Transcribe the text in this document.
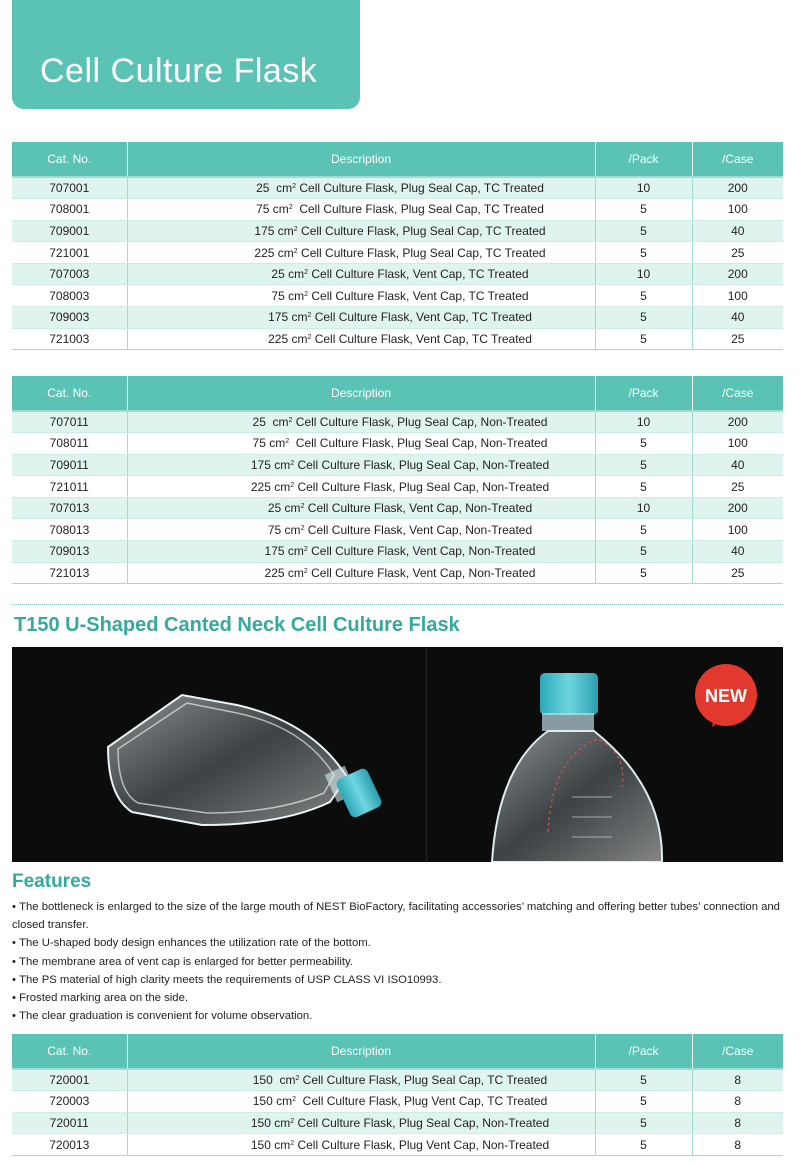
Cell Culture Flask
Cat. No.	Description	/Pack	/Case
707001	25  $cm^2$ Cell Culture Flask, Plug Seal Cap, TC Treated	10	200
708001	75 $cm^2$  Cell Culture Flask, Plug Seal Cap, TC Treated	5	100
709001	175 $cm^2$ Cell Culture Flask, Plug Seal Cap, TC Treated	5	40
721001	225 $cm^2$ Cell Culture Flask, Plug Seal Cap, TC Treated	5	25
707003	25 $cm^2$ Cell Culture Flask, Vent Cap, TC Treated	10	200
708003	75 $cm^2$ Cell Culture Flask, Vent Cap, TC Treated	5	100
709003	175 $cm^2$ Cell Culture Flask, Vent Cap, TC Treated	5	40
721003	225 $cm^2$ Cell Culture Flask, Vent Cap, TC Treated	5	25
Cat. No.	Description	/Pack	/Case
707011	25  $cm^2$ Cell Culture Flask, Plug Seal Cap, Non-Treated	10	200
708011	75 $cm^2$  Cell Culture Flask, Plug Seal Cap, Non-Treated	5	100
709011	175 $cm^2$ Cell Culture Flask, Plug Seal Cap, Non-Treated	5	40
721011	225 $cm^2$ Cell Culture Flask, Plug Seal Cap, Non-Treated	5	25
707013	25 $cm^2$ Cell Culture Flask, Vent Cap, Non-Treated	10	200
708013	75 $cm^2$ Cell Culture Flask, Vent Cap, Non-Treated	5	100
709013	175 $cm^2$ Cell Culture Flask, Vent Cap, Non-Treated	5	40
721013	225 $cm^2$ Cell Culture Flask, Vent Cap, Non-Treated	5	25
T150 U-Shaped Canted Neck Cell Culture Flask
NEW
Features
• The bottleneck is enlarged to the size of the large mouth of NEST BioFactory, facilitating accessories’ matching and offering better tubes’ connection and closed transfer.
• The U-shaped body design enhances the utilization rate of the bottom.
• The membrane area of vent cap is enlarged for better permeability.
• The PS material of high clarity meets the requirements of USP CLASS VI ISO10993.
• Frosted marking area on the side.
• The clear graduation is convenient for volume observation.
Cat. No.	Description	/Pack	/Case
720001	150  $cm^2$ Cell Culture Flask, Plug Seal Cap, TC Treated	5	8
720003	150 $cm^2$  Cell Culture Flask, Plug Vent Cap, TC Treated	5	8
720011	150 $cm^2$ Cell Culture Flask, Plug Seal Cap, Non-Treated	5	8
720013	150 $cm^2$ Cell Culture Flask, Plug Vent Cap, Non-Treated	5	8
